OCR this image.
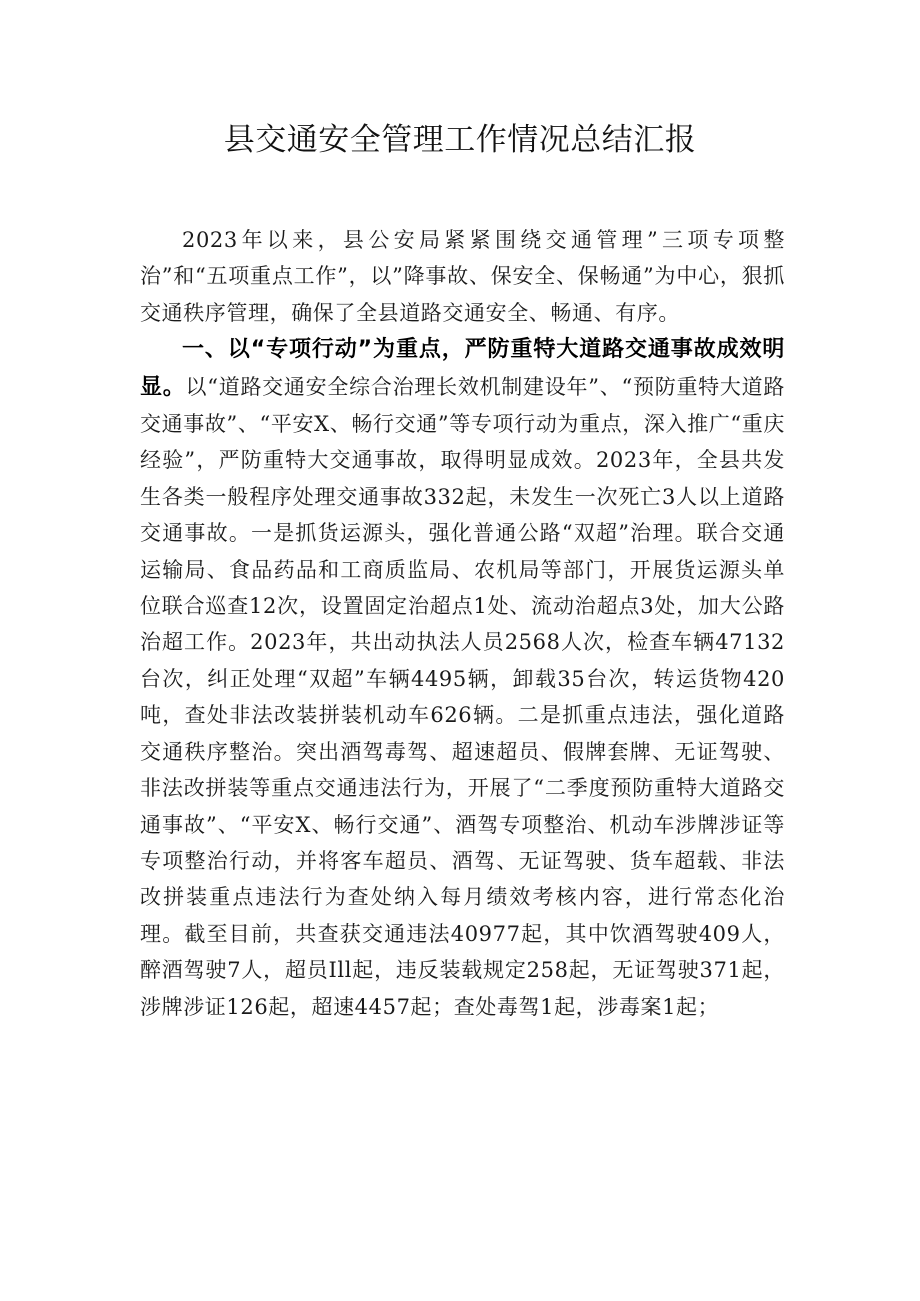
县交通安全管理工作情况总结汇报

2023年以来，县公安局紧紧围绕交通管理”三项专项整治”和“五项重点工作”，以”降事故、保安全、保畅通”为中心，狠抓交通秩序管理，确保了全县道路交通安全、畅通、有序。

一、以“专项行动”为重点，严防重特大道路交通事故成效明显。以“道路交通安全综合治理长效机制建设年”、“预防重特大道路交通事故”、“平安X、畅行交通”等专项行动为重点，深入推广“重庆经验”，严防重特大交通事故，取得明显成效。2023年，全县共发生各类一般程序处理交通事故332起，未发生一次死亡3人以上道路交通事故。一是抓货运源头，强化普通公路“双超”治理。联合交通运输局、食品药品和工商质监局、农机局等部门，开展货运源头单位联合巡查12次，设置固定治超点1处、流动治超点3处，加大公路治超工作。2023年，共出动执法人员2568人次，检查车辆47132台次，纠正处理“双超”车辆4495辆，卸载35台次，转运货物420吨，查处非法改装拼装机动车626辆。二是抓重点违法，强化道路交通秩序整治。突出酒驾毒驾、超速超员、假牌套牌、无证驾驶、非法改拼装等重点交通违法行为，开展了“二季度预防重特大道路交通事故”、“平安X、畅行交通”、酒驾专项整治、机动车涉牌涉证等专项整治行动，并将客车超员、酒驾、无证驾驶、货车超载、非法改拼装重点违法行为查处纳入每月绩效考核内容，进行常态化治理。截至目前，共查获交通违法40977起，其中饮酒驾驶409人，醉酒驾驶7人，超员Ill起，违反装载规定258起，无证驾驶371起，涉牌涉证126起，超速4457起；查处毒驾1起，涉毒案1起；
